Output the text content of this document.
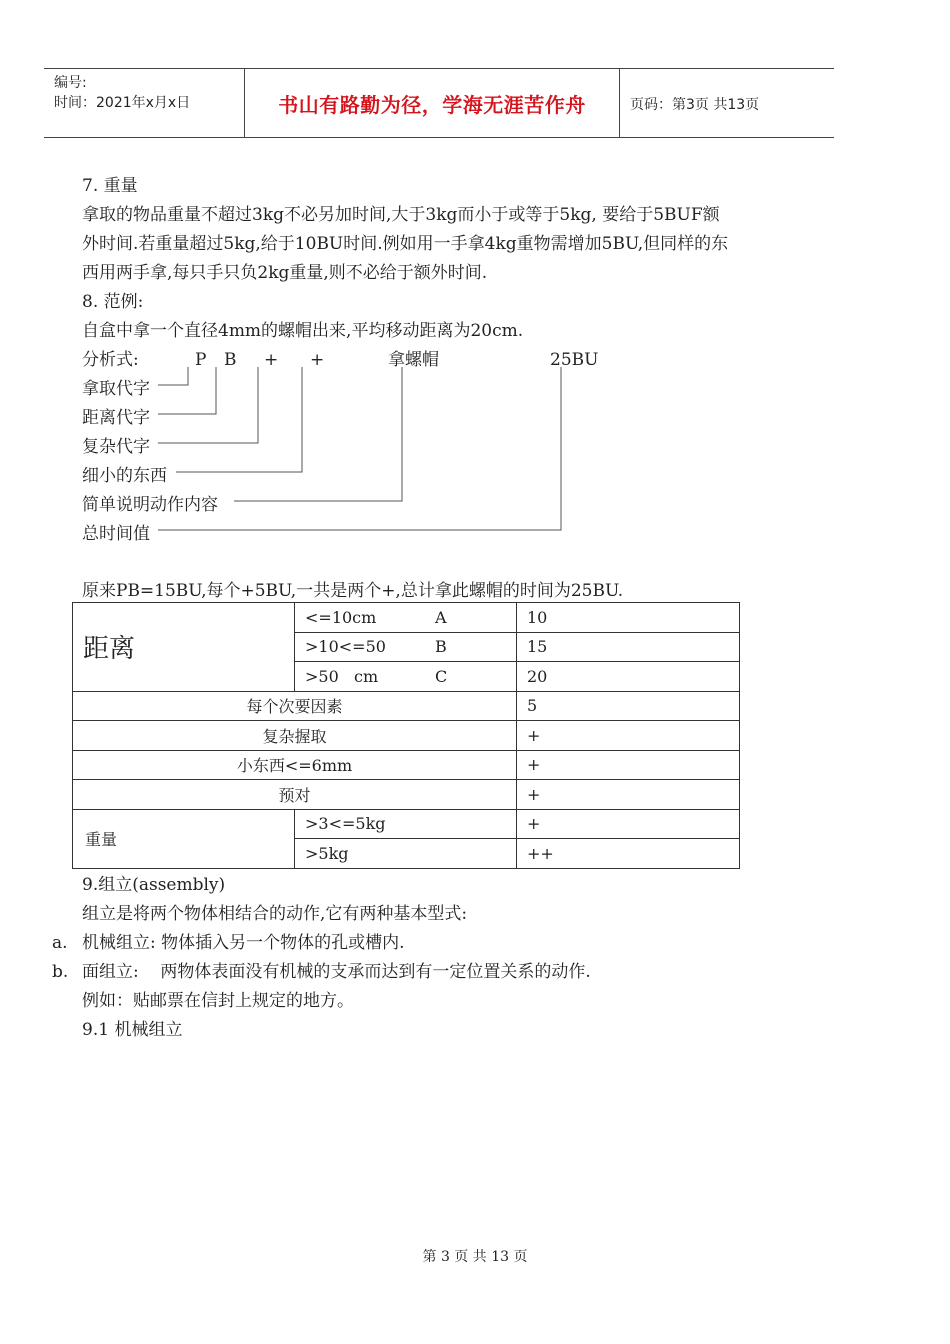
编号:
时间：2021年x月x日	书山有路勤为径，学海无涯苦作舟	页码：第3页 共13页
7. 重量
拿取的物品重量不超过3kg不必另加时间,大于3kg而小于或等于5kg, 要给于5BUF额
外时间.若重量超过5kg,给于10BU时间.例如用一手拿4kg重物需增加5BU,但同样的东
西用两手拿,每只手只负2kg重量,则不必给于额外时间.
8. 范例:
自盒中拿一个直径4mm的螺帽出来,平均移动距离为20cm.
分析式:	P B + +	拿螺帽	25BU
拿取代字
距离代字
复杂代字
细小的东西
简单说明动作内容
总时间值
原来PB=15BU,每个+5BU,一共是两个+,总计拿此螺帽的时间为25BU.
距离	<=10cm A	10
	>10<=50 B	15
	>50   cm C	20
每个次要因素		5
复杂握取		+
小东西<=6mm		+
预对		+
重量	>3<=5kg	+
	>5kg	++
9.组立(assembly)
组立是将两个物体相结合的动作,它有两种基本型式:
a. 机械组立: 物体插入另一个物体的孔或槽内.
b. 面组立:    两物体表面没有机械的支承而达到有一定位置关系的动作.
例如：贴邮票在信封上规定的地方。
9.1 机械组立
第 3 页 共 13 页
